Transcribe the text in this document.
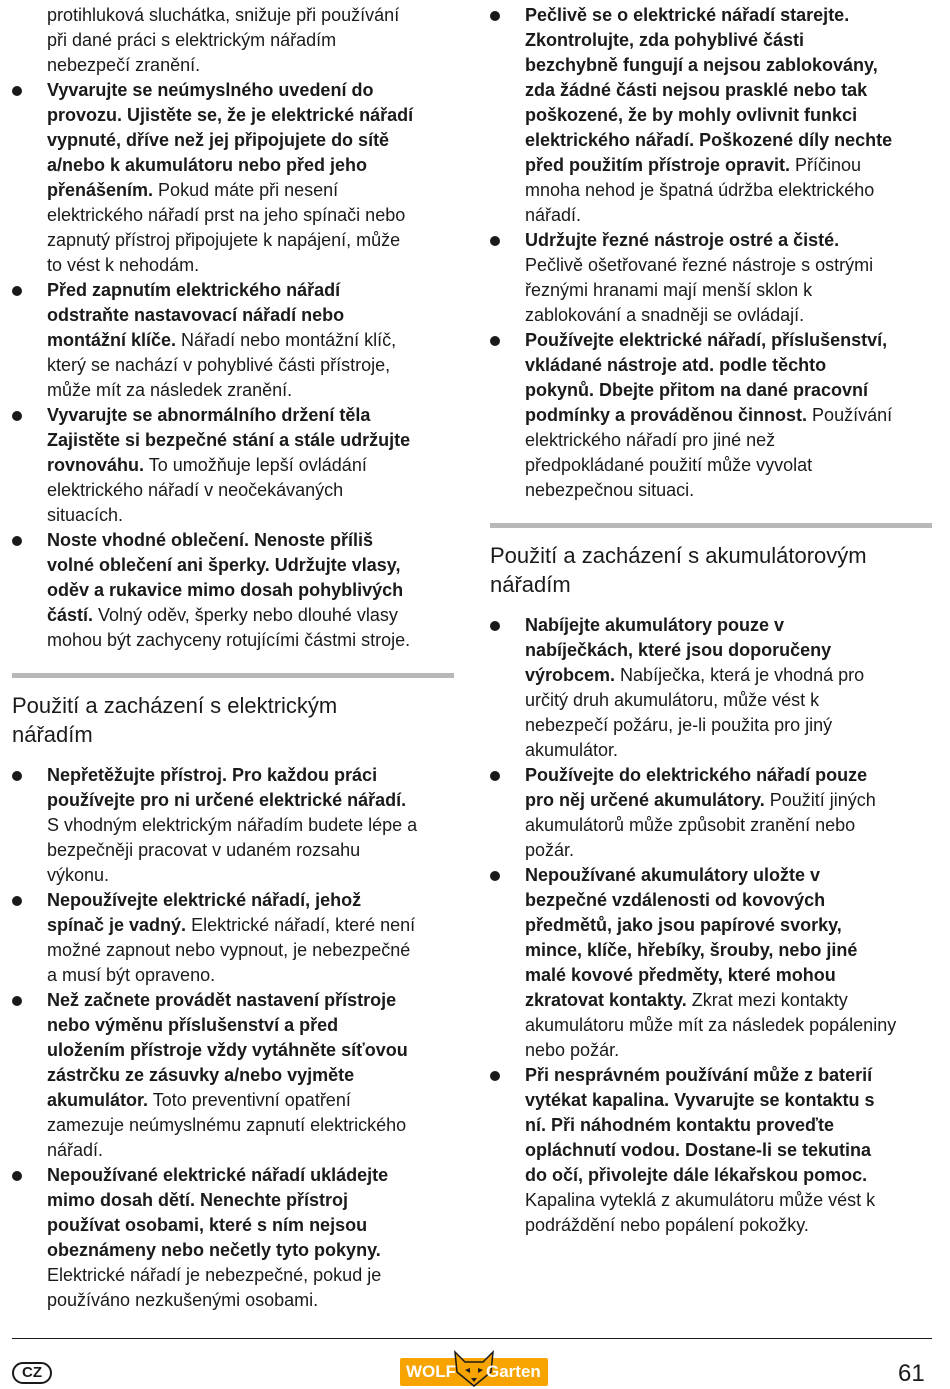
protihluková sluchátka, snižuje při používání
při dané práci s elektrickým nářadím
nebezpečí zranění.
Vyvarujte se neúmyslného uvedení do
provozu. Ujistěte se, že je elektrické nářadí
vypnuté, dříve než jej připojujete do sítě
a/nebo k akumulátoru nebo před jeho
přenášením. Pokud máte při nesení
elektrického nářadí prst na jeho spínači nebo
zapnutý přístroj připojujete k napájení, může
to vést k nehodám.
Před zapnutím elektrického nářadí
odstraňte nastavovací nářadí nebo
montážní klíče. Nářadí nebo montážní klíč,
který se nachází v pohyblivé části přístroje,
může mít za následek zranění.
Vyvarujte se abnormálního držení těla
Zajistěte si bezpečné stání a stále udržujte
rovnováhu. To umožňuje lepší ovládání
elektrického nářadí v neočekávaných
situacích.
Noste vhodné oblečení. Nenoste příliš
volné oblečení ani šperky. Udržujte vlasy,
oděv a rukavice mimo dosah pohyblivých
částí. Volný oděv, šperky nebo dlouhé vlasy
mohou být zachyceny rotujícími částmi stroje.
Použití a zacházení s elektrickým
nářadím
Nepřetěžujte přístroj. Pro každou práci
používejte pro ni určené elektrické nářadí.
S vhodným elektrickým nářadím budete lépe a
bezpečněji pracovat v udaném rozsahu
výkonu.
Nepoužívejte elektrické nářadí, jehož
spínač je vadný. Elektrické nářadí, které není
možné zapnout nebo vypnout, je nebezpečné
a musí být opraveno.
Než začnete provádět nastavení přístroje
nebo výměnu příslušenství a před
uložením přístroje vždy vytáhněte síťovou
zástrčku ze zásuvky a/nebo vyjměte
akumulátor. Toto preventivní opatření
zamezuje neúmyslnému zapnutí elektrického
nářadí.
Nepoužívané elektrické nářadí ukládejte
mimo dosah dětí. Nenechte přístroj
používat osobami, které s ním nejsou
obeznámeny nebo nečetly tyto pokyny.
Elektrické nářadí je nebezpečné, pokud je
používáno nezkušenými osobami.
Pečlivě se o elektrické nářadí starejte.
Zkontrolujte, zda pohyblivé části
bezchybně fungují a nejsou zablokovány,
zda žádné části nejsou prasklé nebo tak
poškozené, že by mohly ovlivnit funkci
elektrického nářadí. Poškozené díly nechte
před použitím přístroje opravit. Příčinou
mnoha nehod je špatná údržba elektrického
nářadí.
Udržujte řezné nástroje ostré a čisté.
Pečlivě ošetřované řezné nástroje s ostrými
řeznými hranami mají menší sklon k
zablokování a snadněji se ovládají.
Používejte elektrické nářadí, příslušenství,
vkládané nástroje atd. podle těchto
pokynů. Dbejte přitom na dané pracovní
podmínky a prováděnou činnost. Používání
elektrického nářadí pro jiné než
předpokládané použití může vyvolat
nebezpečnou situaci.
Použití a zacházení s akumulátorovým
nářadím
Nabíjejte akumulátory pouze v
nabíječkách, které jsou doporučeny
výrobcem. Nabíječka, která je vhodná pro
určitý druh akumulátoru, může vést k
nebezpečí požáru, je-li použita pro jiný
akumulátor.
Používejte do elektrického nářadí pouze
pro něj určené akumulátory. Použití jiných
akumulátorů může způsobit zranění nebo
požár.
Nepoužívané akumulátory uložte v
bezpečné vzdálenosti od kovových
předmětů, jako jsou papírové svorky,
mince, klíče, hřebíky, šrouby, nebo jiné
malé kovové předměty, které mohou
zkratovat kontakty. Zkrat mezi kontakty
akumulátoru může mít za následek popáleniny
nebo požár.
Při nesprávném používání může z baterií
vytékat kapalina. Vyvarujte se kontaktu s
ní. Při náhodném kontaktu proveďte
opláchnutí vodou. Dostane-li se tekutina
do očí, přivolejte dále lékařskou pomoc.
Kapalina vyteklá z akumulátoru může vést k
podráždění nebo popálení pokožky.
CZ	WOLF Garten	61
